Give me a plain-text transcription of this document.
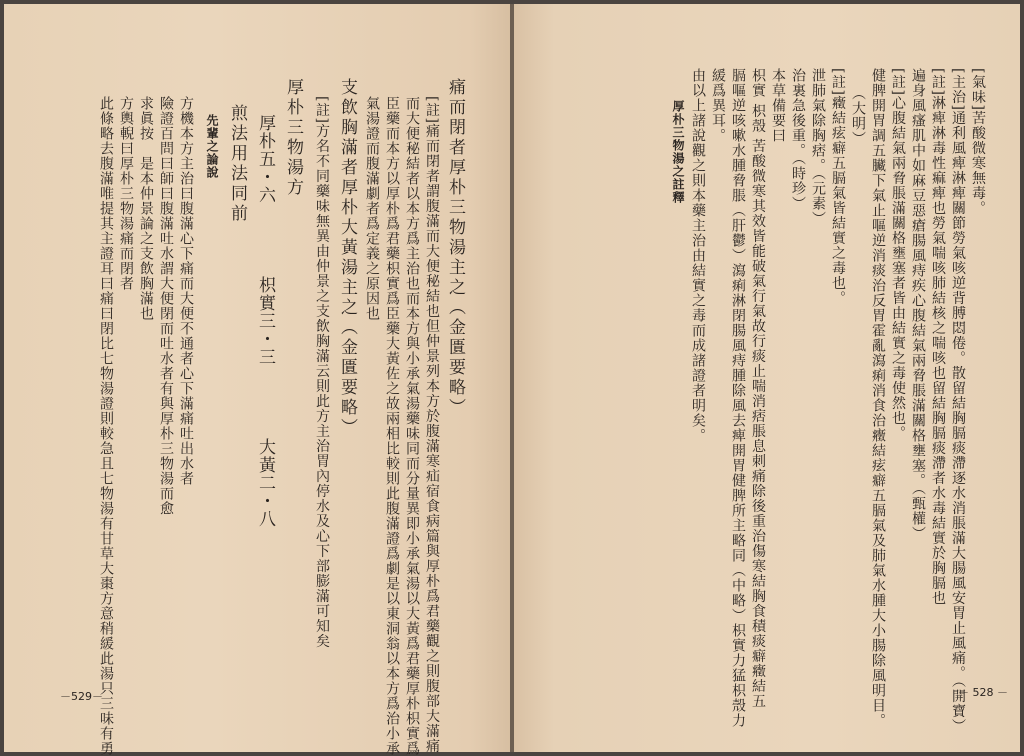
痛而閉者厚朴三物湯主之（金匱要略）
[註]痛而閉者謂腹滿而大便秘結也但仲景列本方於腹滿寒疝宿食病篇與厚朴爲君藥觀之則腹部大滿痛
而大便秘結者以本方爲主治也而本方與小承氣湯藥味同而分量異即小承氣湯以大黃爲君藥厚朴枳實爲
臣藥而本方以厚朴爲君藥枳實爲臣藥大黃佐之故兩相比較則此腹滿證爲劇是以東洞翁以本方爲治小承
氣湯證而腹滿劇者爲定義之原因也
支飲胸滿者厚朴大黃湯主之（金匱要略）
[註]方名不同藥味無異由仲景之支飲胸滿云則此方主治胃內停水及心下部膨滿可知矣
厚朴三物湯方
厚朴五・六　　　　枳實三・三　　　　大黃二・八
煎法用法同前
先輩之論說
方機本方主治曰腹滿心下痛而大便不通者心下滿痛吐出水者
險證百問曰師曰腹滿吐水謂大便閉而吐水者有與厚朴三物湯而愈
求眞按　是本仲景論之支飲胸滿也
方輿輗曰厚朴三物湯痛而閉者
此條略去腹滿唯提其主證耳曰痛曰閉比七物湯證則較急且七物湯有甘草大棗方意稍緩此湯只三味有勇
－529－
[氣味]苦酸微寒無毒。
[主治]通利風痺淋痺關節勞氣咳逆背膊悶倦。散留結胸膈痰滯逐水消脹滿大腸風安胃止風痛。（開寶）
[註]淋痺淋毒性痲痺也勞氣喘咳肺結核之喘咳也留結胸膈痰滯者水毒結實於胸膈也
遍身風瘙肌中如麻豆惡瘡腸風痔疾心腹結氣兩脅脹滿關格壅塞。（甄權）
[註]心腹結氣兩脅脹滿關格壅塞者皆由結實之毒使然也。
健脾開胃調五臟下氣止嘔逆消痰治反胃霍亂瀉痢消食治癥結痃癖五膈氣及肺氣水腫大小腸除風明目。
（大明）
[註]癥結痃癖五膈氣皆結實之毒也。
泄肺氣除胸痞。（元素）
治裏急後重。（時珍）
本草備要曰
枳實 枳殼 苦酸微寒其效皆能破氣行氣故行痰止喘消痞脹息刺痛除後重治傷寒結胸食積痰癖癥結五
膈嘔逆咳嗽水腫脅脹（肝鬱）瀉痢淋閉腸風痔腫除風去痺開胃健脾所主略同（中略）枳實力猛枳殼力
緩爲異耳。
由以上諸說觀之則本藥主治由結實之毒而成諸證者明矣。
厚朴三物湯之註釋
－ 528 －
